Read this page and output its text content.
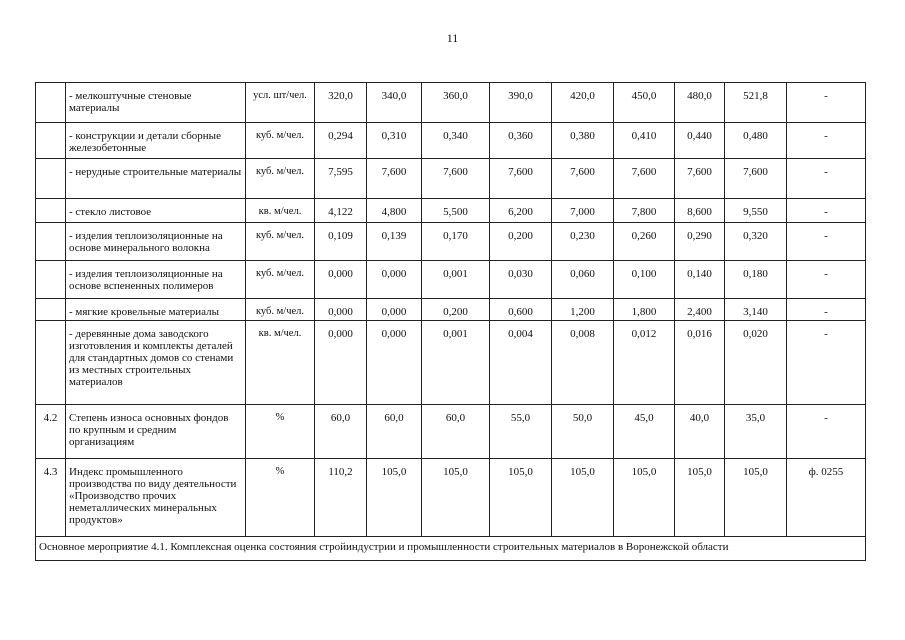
11
	- мелкоштучные стеновые материалы	усл. шт/чел.	320,0	340,0	360,0	390,0	420,0	450,0	480,0	521,8	-
	- конструкции и детали сборные железобетонные	куб. м/чел.	0,294	0,310	0,340	0,360	0,380	0,410	0,440	0,480	-
	- нерудные строительные материалы	куб. м/чел.	7,595	7,600	7,600	7,600	7,600	7,600	7,600	7,600	-
	- стекло листовое	кв. м/чел.	4,122	4,800	5,500	6,200	7,000	7,800	8,600	9,550	-
	- изделия теплоизоляционные на основе минерального волокна	куб. м/чел.	0,109	0,139	0,170	0,200	0,230	0,260	0,290	0,320	-
	- изделия теплоизоляционные на основе вспененных полимеров	куб. м/чел.	0,000	0,000	0,001	0,030	0,060	0,100	0,140	0,180	-
	- мягкие кровельные материалы	куб. м/чел.	0,000	0,000	0,200	0,600	1,200	1,800	2,400	3,140	-
	- деревянные дома заводского изготовления и комплекты деталей для стандартных домов со стенами из местных строительных материалов	кв. м/чел.	0,000	0,000	0,001	0,004	0,008	0,012	0,016	0,020	-
4.2	Степень износа основных фондов по крупным и средним организациям	%	60,0	60,0	60,0	55,0	50,0	45,0	40,0	35,0	-
4.3	Индекс промышленного производства по виду деятельности «Производство прочих неметаллических минеральных продуктов»	%	110,2	105,0	105,0	105,0	105,0	105,0	105,0	105,0	ф. 0255
Основное мероприятие 4.1. Комплексная оценка состояния стройиндустрии и промышленности строительных материалов в Воронежской области											
